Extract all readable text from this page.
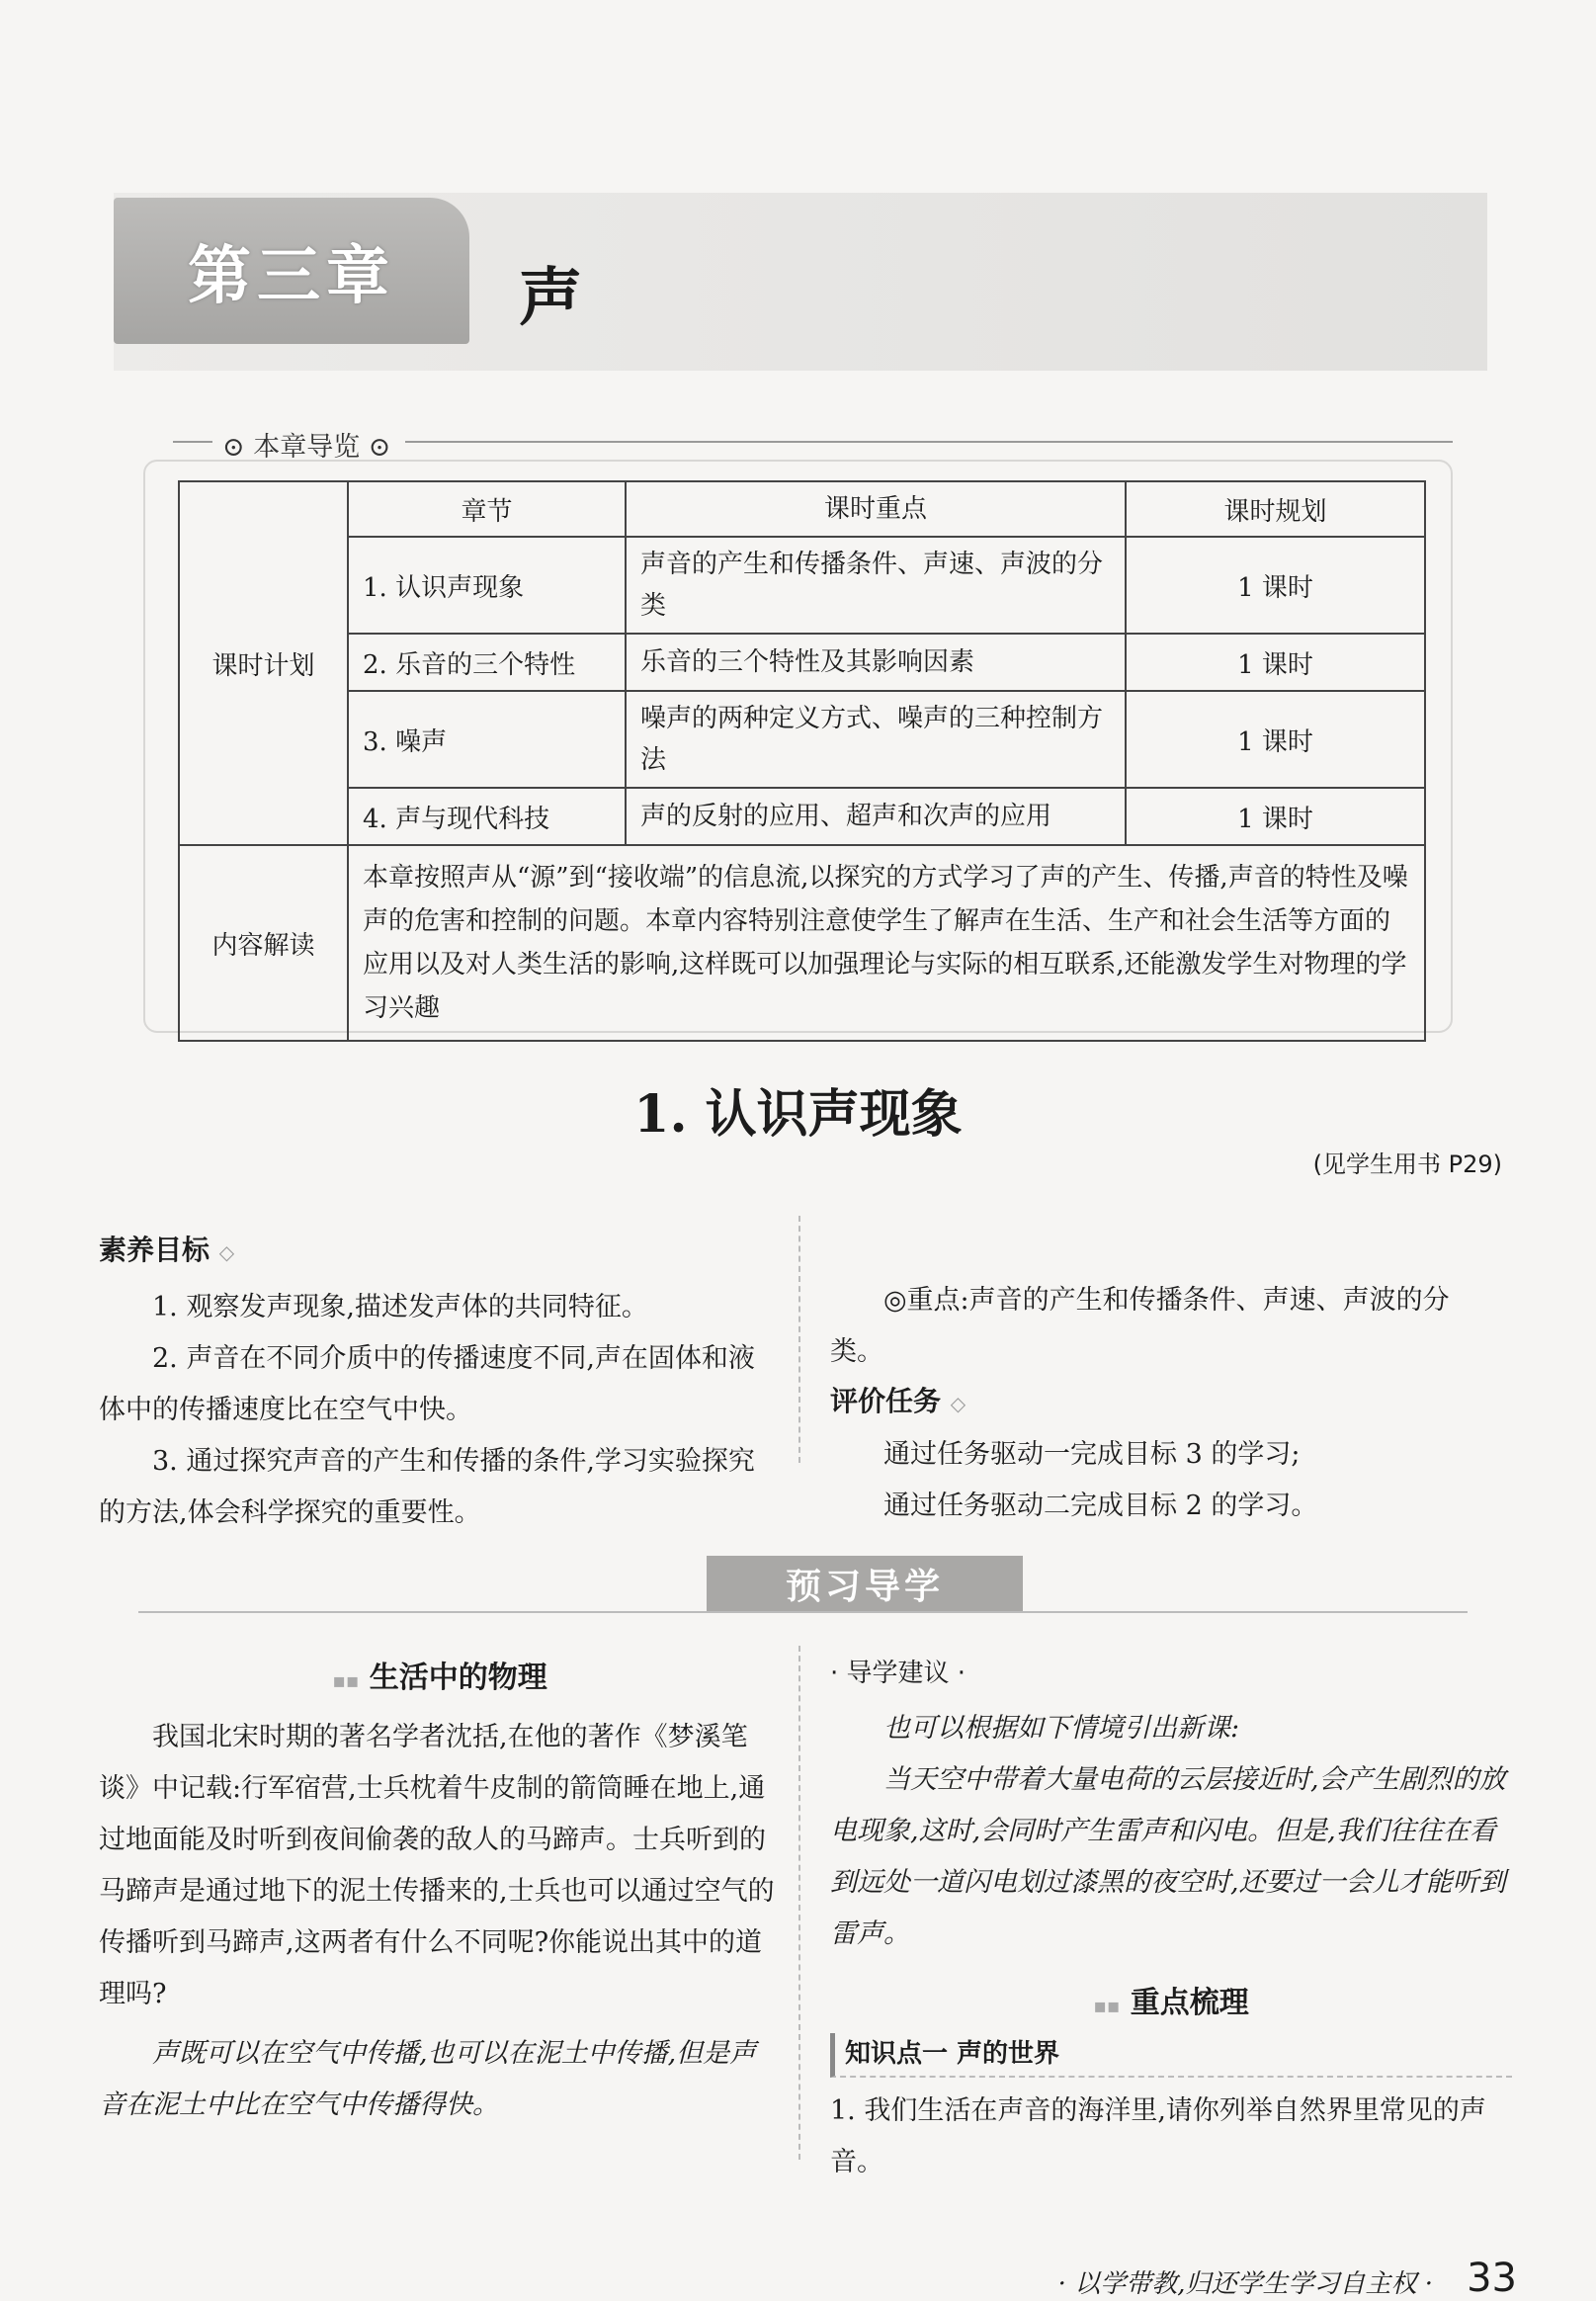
第三章 声
⊙ 本章导览 ⊙
课时计划	章节	课时重点	课时规划
	1. 认识声现象	声音的产生和传播条件、声速、声波的分类	1 课时
	2. 乐音的三个特性	乐音的三个特性及其影响因素	1 课时
	3. 噪声	噪声的两种定义方式、噪声的三种控制方法	1 课时
	4. 声与现代科技	声的反射的应用、超声和次声的应用	1 课时
内容解读	本章按照声从“源”到“接收端”的信息流,以探究的方式学习了声的产生、传播,声音的特性及噪声的危害和控制的问题。本章内容特别注意使学生了解声在生活、生产和社会生活等方面的应用以及对人类生活的影响,这样既可以加强理论与实际的相互联系,还能激发学生对物理的学习兴趣		
1. 认识声现象
(见学生用书 P29)
素养目标 ◇
1. 观察发声现象,描述发声体的共同特征。
2. 声音在不同介质中的传播速度不同,声在固体和液体中的传播速度比在空气中快。
3. 通过探究声音的产生和传播的条件,学习实验探究的方法,体会科学探究的重要性。
◎重点:声音的产生和传播条件、声速、声波的分类。
评价任务 ◇
通过任务驱动一完成目标 3 的学习;
通过任务驱动二完成目标 2 的学习。
预习导学
▪▪ 生活中的物理
我国北宋时期的著名学者沈括,在他的著作《梦溪笔谈》中记载:行军宿营,士兵枕着牛皮制的箭筒睡在地上,通过地面能及时听到夜间偷袭的敌人的马蹄声。士兵听到的马蹄声是通过地下的泥土传播来的,士兵也可以通过空气的传播听到马蹄声,这两者有什么不同呢?你能说出其中的道理吗?
声既可以在空气中传播,也可以在泥土中传播,但是声音在泥土中比在空气中传播得快。
· 导学建议 ·
也可以根据如下情境引出新课:
当天空中带着大量电荷的云层接近时,会产生剧烈的放电现象,这时,会同时产生雷声和闪电。但是,我们往往在看到远处一道闪电划过漆黑的夜空时,还要过一会儿才能听到雷声。
▪▪ 重点梳理
知识点一 声的世界
1. 我们生活在声音的海洋里,请你列举自然界里常见的声音。
· 以学带教,归还学生学习自主权 · 33
